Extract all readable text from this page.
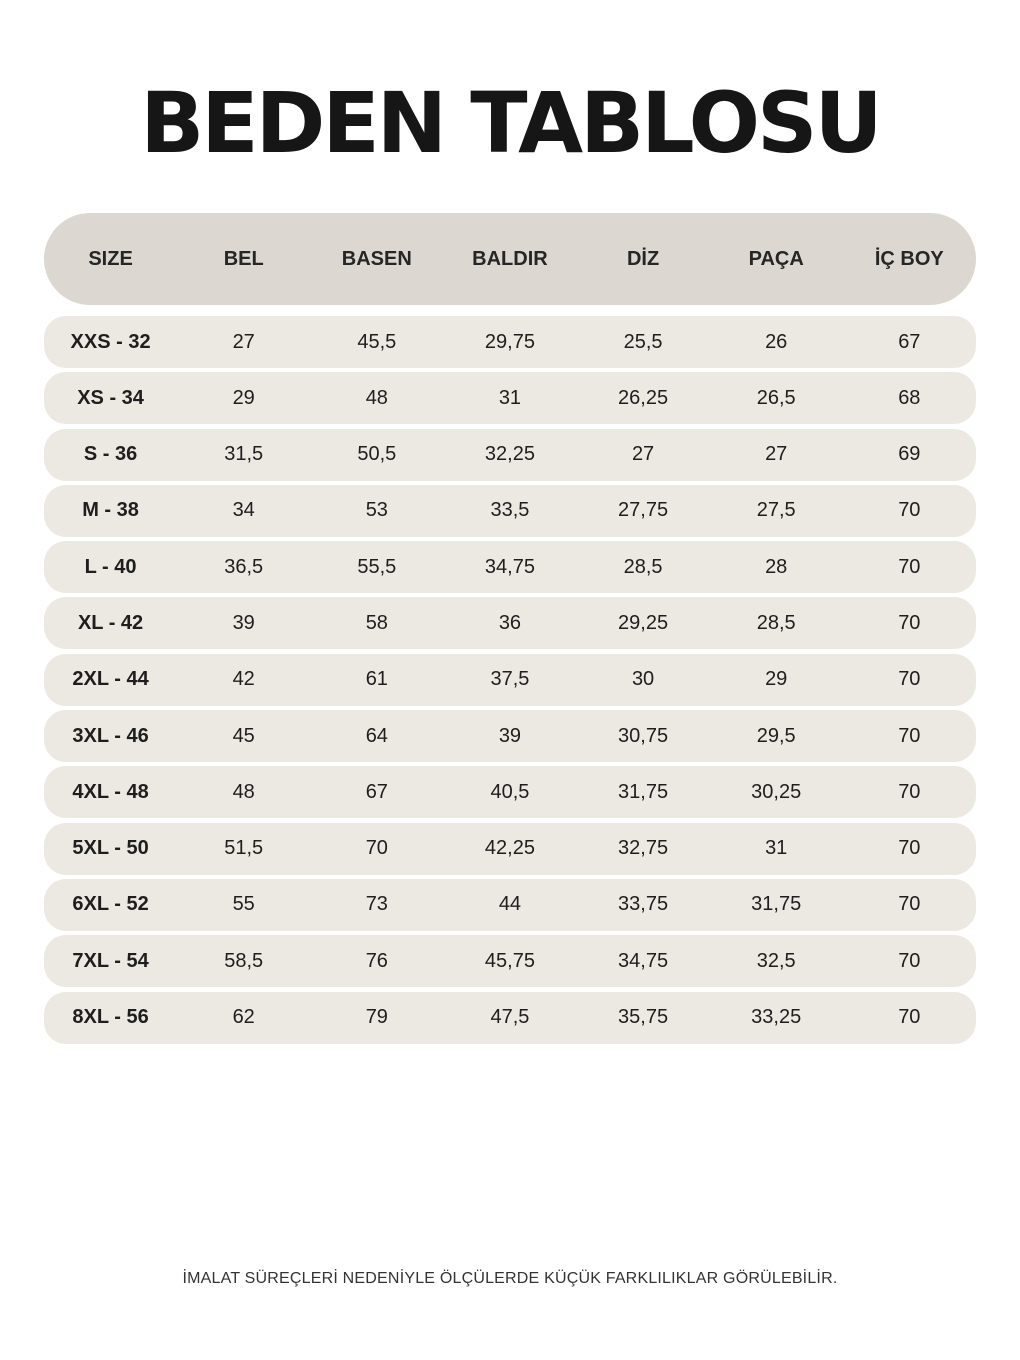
BEDEN TABLOSU
SIZE	BEL	BASEN	BALDIR	DİZ	PAÇA	İÇ BOY
XXS - 32	27	45,5	29,75	25,5	26	67
XS - 34	29	48	31	26,25	26,5	68
S - 36	31,5	50,5	32,25	27	27	69
M - 38	34	53	33,5	27,75	27,5	70
L - 40	36,5	55,5	34,75	28,5	28	70
XL - 42	39	58	36	29,25	28,5	70
2XL - 44	42	61	37,5	30	29	70
3XL - 46	45	64	39	30,75	29,5	70
4XL - 48	48	67	40,5	31,75	30,25	70
5XL - 50	51,5	70	42,25	32,75	31	70
6XL - 52	55	73	44	33,75	31,75	70
7XL - 54	58,5	76	45,75	34,75	32,5	70
8XL - 56	62	79	47,5	35,75	33,25	70
İMALAT SÜREÇLERİ NEDENİYLE ÖLÇÜLERDE KÜÇÜK FARKLILIKLAR GÖRÜLEBİLİR.
